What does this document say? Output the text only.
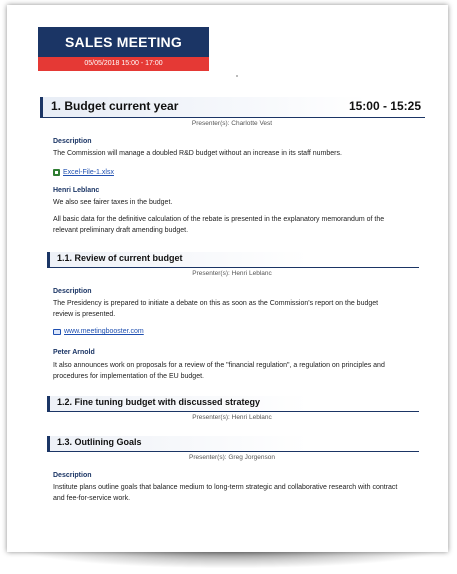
SALES MEETING
05/05/2018 15:00 - 17:00
1. Budget current year	15:00 - 15:25
Presenter(s): Charlotte Vest
Description
The Commission will manage a doubled R&D budget without an increase in its staff numbers.
Excel-File-1.xlsx
Henri Leblanc
We also see fairer taxes in the budget.
All basic data for the definitive calculation of the rebate is presented in the explanatory memorandum of the
relevant preliminary draft amending budget.
1.1. Review of current budget
Presenter(s): Henri Leblanc
Description
The Presidency is prepared to initiate a debate on this as soon as the Commission's report on the budget
review is presented.
www.meetingbooster.com
Peter Arnold
It also announces work on proposals for a review of the "financial regulation", a regulation on principles and
procedures for implementation of the EU budget.
1.2. Fine tuning budget with discussed strategy
Presenter(s): Henri Leblanc
1.3. Outlining Goals
Presenter(s): Greg Jorgenson
Description
Institute plans outline goals that balance medium to long-term strategic and collaborative research with contract
and fee-for-service work.
